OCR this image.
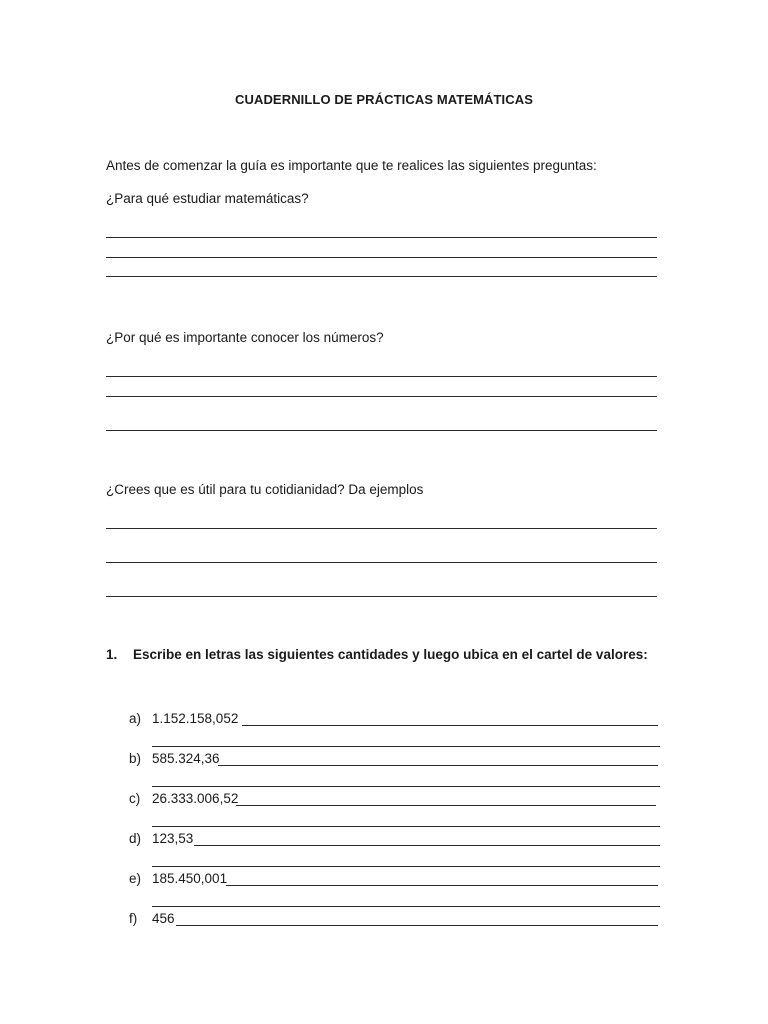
CUADERNILLO DE PRÁCTICAS MATEMÁTICAS
Antes de comenzar la guía es importante que te realices las siguientes preguntas:
¿Para qué estudiar matemáticas?
¿Por qué es importante conocer los números?
¿Crees que es útil para tu cotidianidad? Da ejemplos
1. Escribe en letras las siguientes cantidades y luego ubica en el cartel de valores:
a) 1.152.158,052
b) 585.324,36
c) 26.333.006,52
d) 123,53
e) 185.450,001
f) 456
